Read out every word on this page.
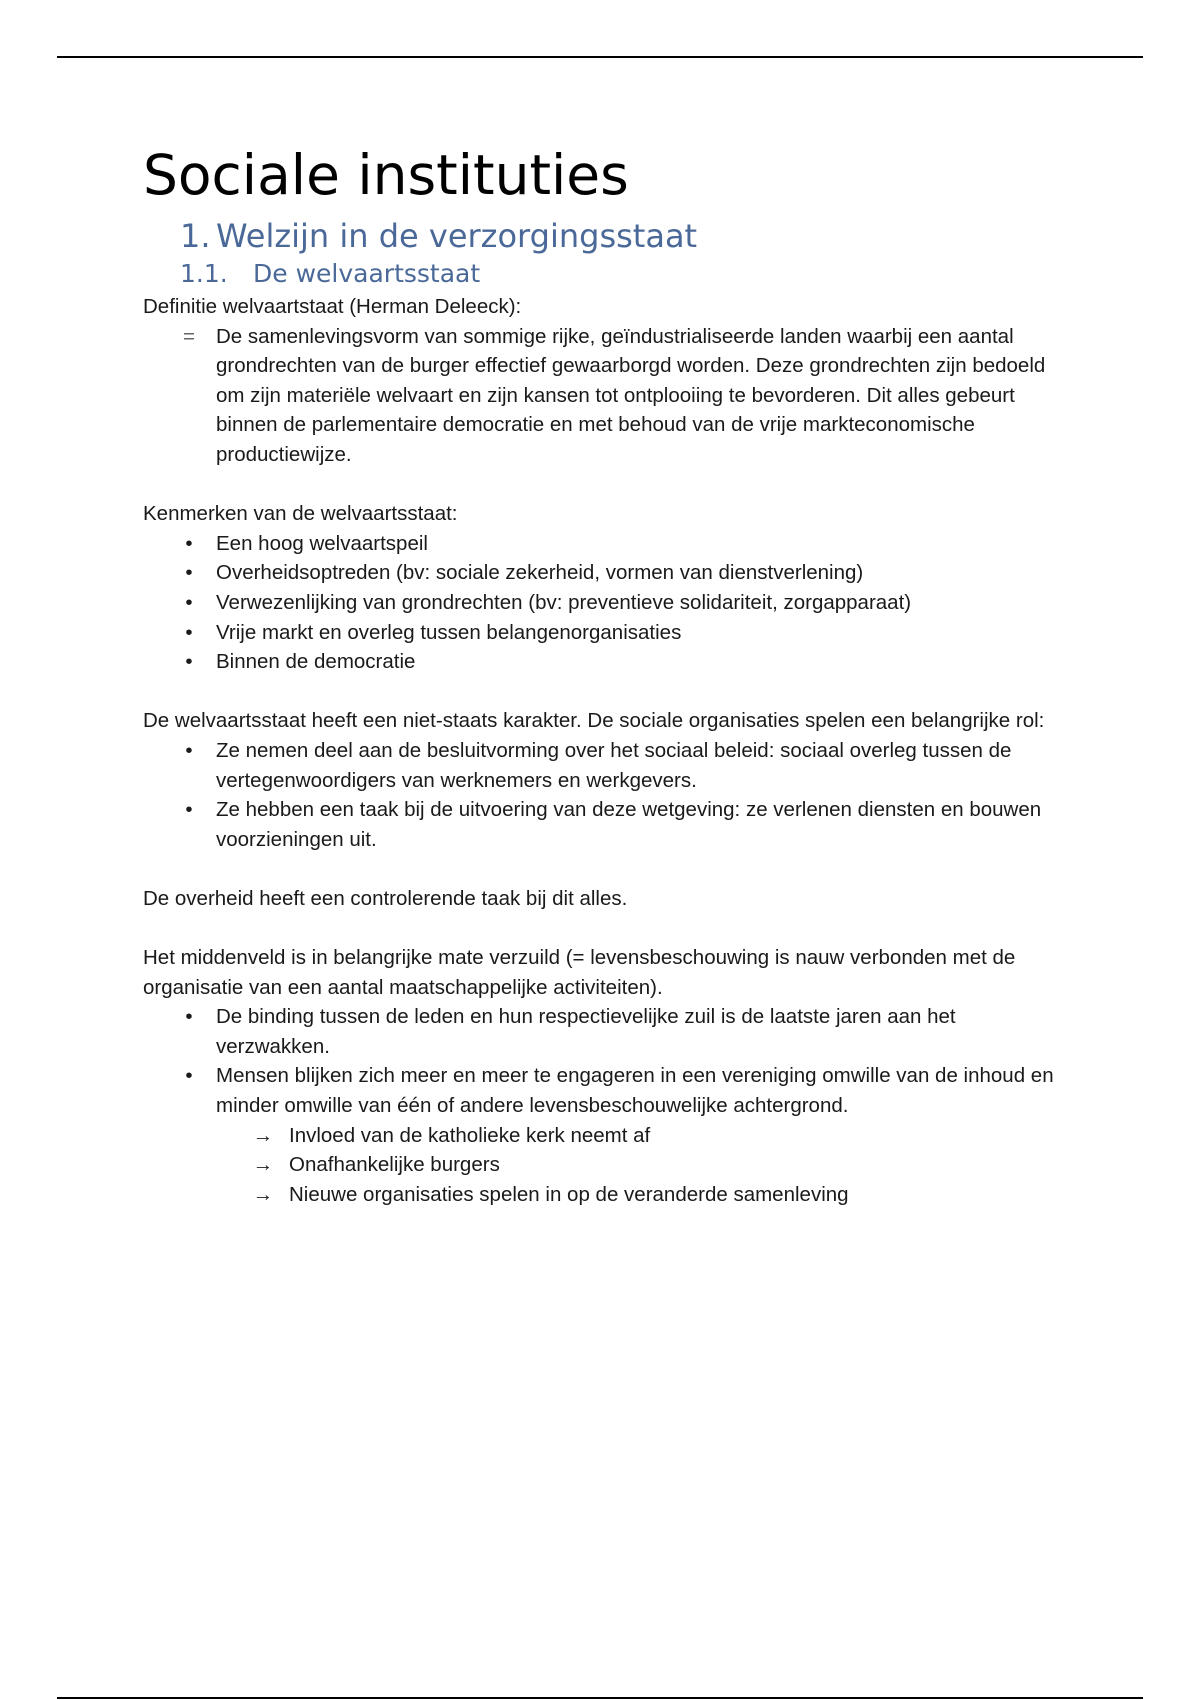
Sociale instituties
1. Welzijn in de verzorgingsstaat
1.1.	De welvaartsstaat

Definitie welvaartstaat (Herman Deleeck):

= De samenlevingsvorm van sommige rijke, geïndustrialiseerde landen waarbij een aantal grondrechten van de burger effectief gewaarborgd worden. Deze grondrechten zijn bedoeld om zijn materiële welvaart en zijn kansen tot ontplooiing te bevorderen. Dit alles gebeurt binnen de parlementaire democratie en met behoud van de vrije markteconomische productiewijze.

Kenmerken van de welvaartsstaat:

•	Een hoog welvaartspeil
•	Overheidsoptreden (bv: sociale zekerheid, vormen van dienstverlening)
•	Verwezenlijking van grondrechten (bv: preventieve solidariteit, zorgapparaat)
•	Vrije markt en overleg tussen belangenorganisaties
•	Binnen de democratie

De welvaartsstaat heeft een niet-staats karakter. De sociale organisaties spelen een belangrijke rol:

•	Ze nemen deel aan de besluitvorming over het sociaal beleid: sociaal overleg tussen de vertegenwoordigers van werknemers en werkgevers.
•	Ze hebben een taak bij de uitvoering van deze wetgeving: ze verlenen diensten en bouwen voorzieningen uit.

De overheid heeft een controlerende taak bij dit alles.

Het middenveld is in belangrijke mate verzuild (= levensbeschouwing is nauw verbonden met de organisatie van een aantal maatschappelijke activiteiten).

•	De binding tussen de leden en hun respectievelijke zuil is de laatste jaren aan het verzwakken.
•	Mensen blijken zich meer en meer te engageren in een vereniging omwille van de inhoud en minder omwille van één of andere levensbeschouwelijke achtergrond.
→ Invloed van de katholieke kerk neemt af
→ Onafhankelijke burgers
→ Nieuwe organisaties spelen in op de veranderde samenleving
